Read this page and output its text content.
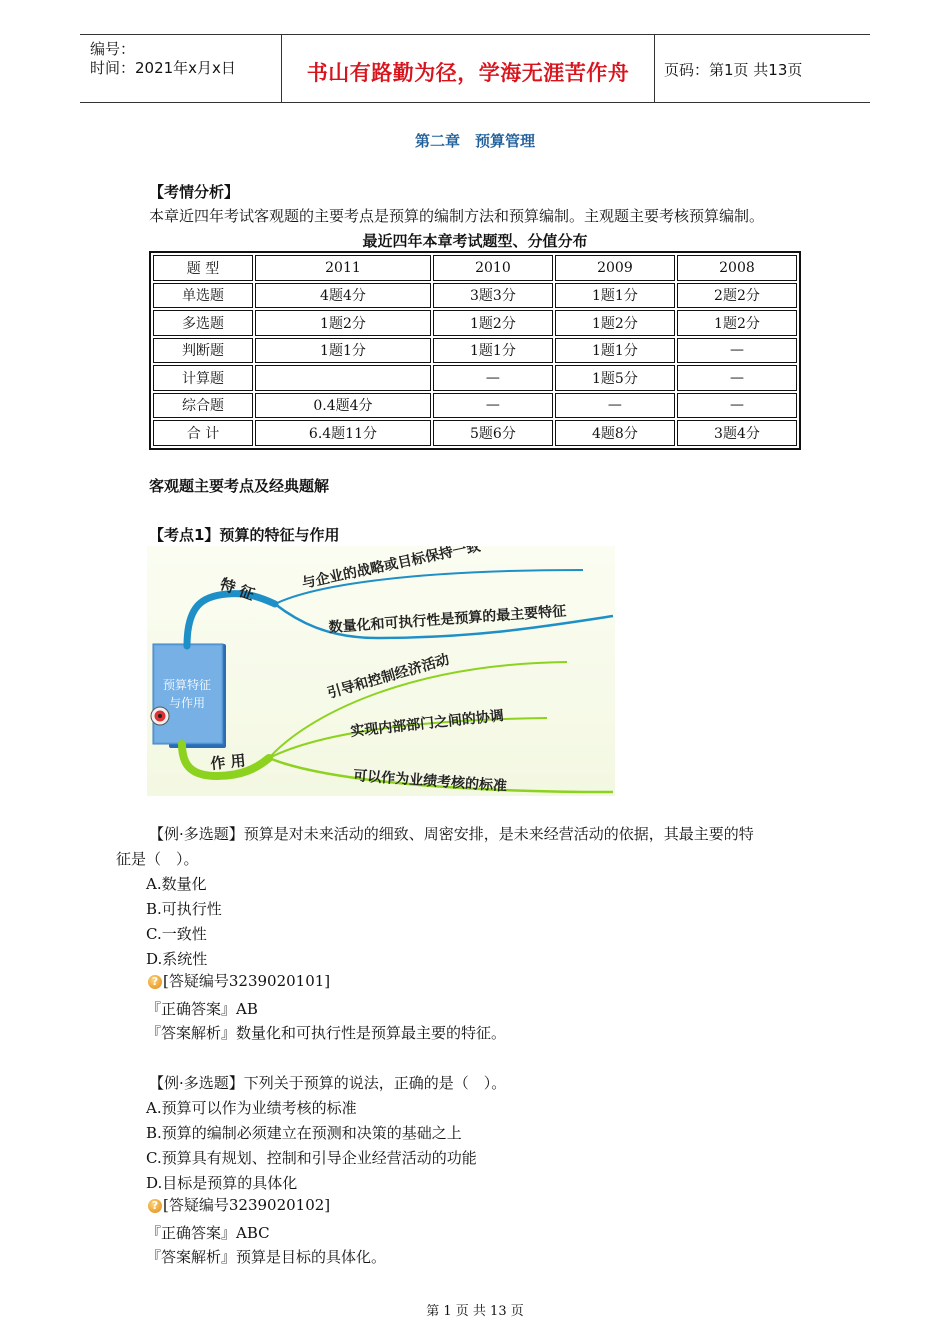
编号：
时间：2021年x月x日	书山有路勤为径，学海无涯苦作舟	页码：第1页 共13页
第二章　预算管理
【考情分析】
本章近四年考试客观题的主要考点是预算的编制方法和预算编制。主观题主要考核预算编制。
最近四年本章考试题型、分值分布
题 型	2011	2010	2009	2008
单选题	4题4分	3题3分	1题1分	2题2分
多选题	1题2分	1题2分	1题2分	1题2分
判断题	1题1分	1题1分	1题1分	—
计算题		—	1题5分	—
综合题	0.4题4分	—	—	—
合 计	6.4题11分	5题6分	4题8分	3题4分
客观题主要考点及经典题解
【考点1】预算的特征与作用
预算特征
与作用
特 征	与企业的战略或目标保持一致
数量化和可执行性是预算的最主要特征
作 用
引导和控制经济活动
实现内部部门之间的协调
可以作为业绩考核的标准
【例·多选题】预算是对未来活动的细致、周密安排，是未来经营活动的依据，其最主要的特
征是（　）。
A.数量化
B.可执行性
C.一致性
D.系统性
? [答疑编号3239020101]
『正确答案』AB
『答案解析』数量化和可执行性是预算最主要的特征。
【例·多选题】下列关于预算的说法，正确的是（　）。
A.预算可以作为业绩考核的标准
B.预算的编制必须建立在预测和决策的基础之上
C.预算具有规划、控制和引导企业经营活动的功能
D.目标是预算的具体化
? [答疑编号3239020102]
『正确答案』ABC
『答案解析』预算是目标的具体化。
第 1 页 共 13 页
